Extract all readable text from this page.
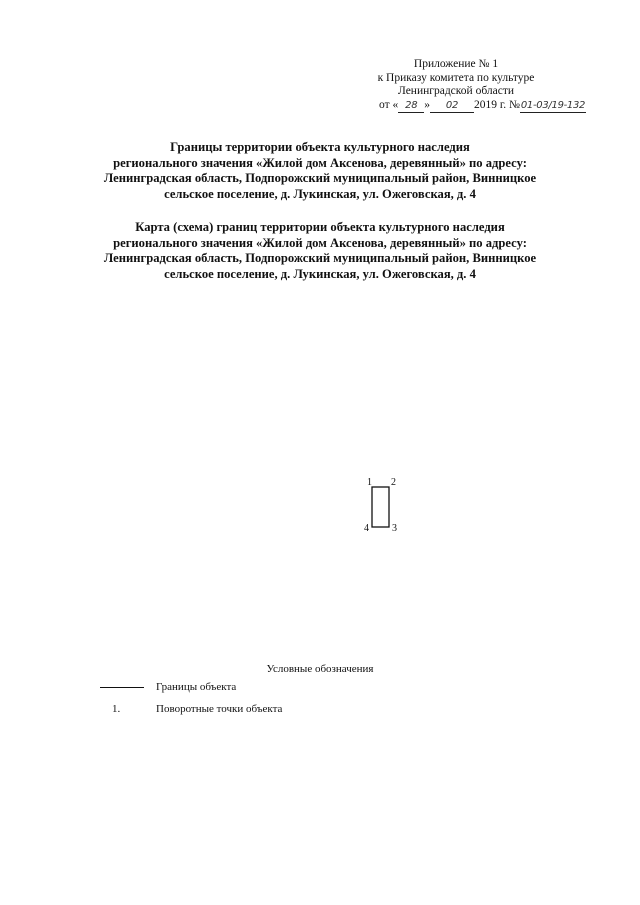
Приложение № 1
к Приказу комитета по культуре
Ленинградской области
от « 28 » 02 2019 г. №01-03/19-132
Границы территории объекта культурного наследия
регионального значения «Жилой дом Аксенова, деревянный» по адресу:
Ленинградская область, Подпорожский муниципальный район, Винницкое
сельское поселение, д. Лукинская, ул. Ожеговская, д. 4
Карта (схема) границ территории объекта культурного наследия
регионального значения «Жилой дом Аксенова, деревянный» по адресу:
Ленинградская область, Подпорожский муниципальный район, Винницкое
сельское поселение, д. Лукинская, ул. Ожеговская, д. 4
1 2
3
4
Условные обозначения
Границы объекта
1.	Поворотные точки объекта
